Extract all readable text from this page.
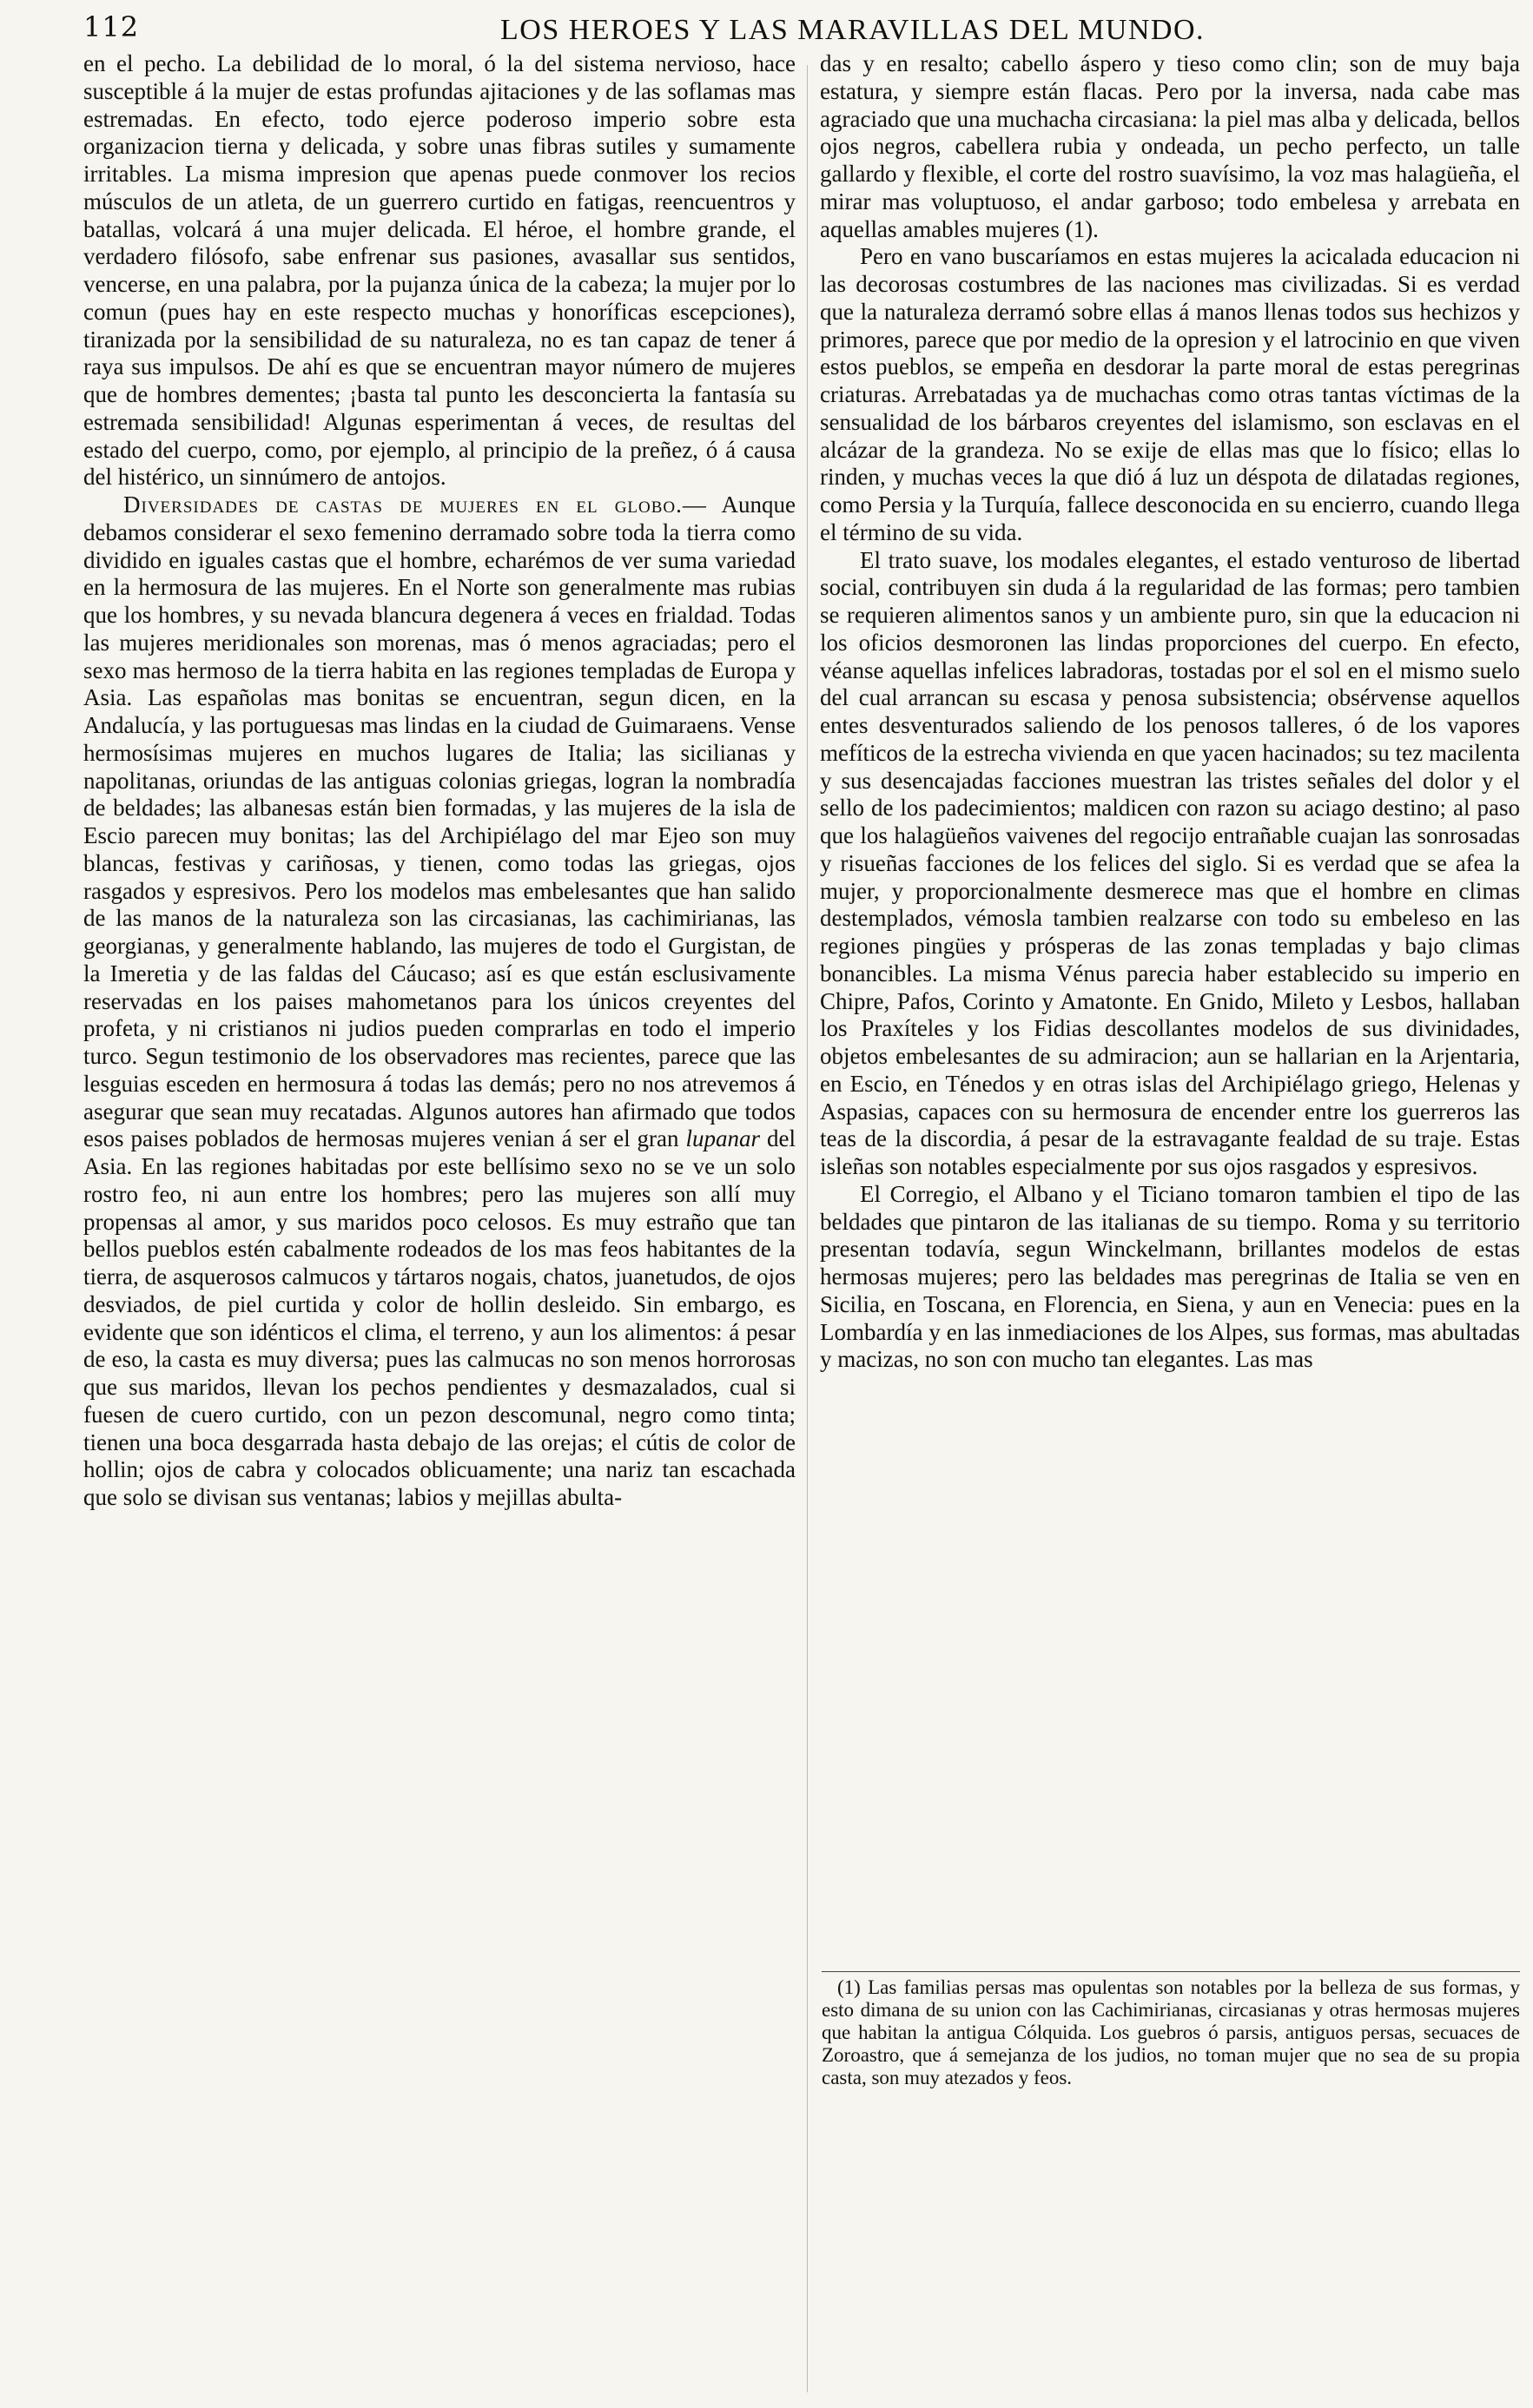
112	LOS HEROES Y LAS MARAVILLAS DEL MUNDO.

en el pecho. La debilidad de lo moral, ó la del sistema nervioso, hace susceptible á la mujer de estas profundas ajitaciones y de las soflamas mas estremadas. En efecto, todo ejerce poderoso imperio sobre esta organizacion tierna y delicada, y sobre unas fibras sutiles y sumamente irritables. La misma impresion que apenas puede conmover los recios músculos de un atleta, de un guerrero curtido en fatigas, reencuentros y batallas, volcará á una mujer delicada. El héroe, el hombre grande, el verdadero filósofo, sabe enfrenar sus pasiones, avasallar sus sentidos, vencerse, en una palabra, por la pujanza única de la cabeza; la mujer por lo comun (pues hay en este respecto muchas y honoríficas escepciones), tiranizada por la sensibilidad de su naturaleza, no es tan capaz de tener á raya sus impulsos. De ahí es que se encuentran mayor número de mujeres que de hombres dementes; ¡basta tal punto les desconcierta la fantasía su estremada sensibilidad! Algunas esperimentan á veces, de resultas del estado del cuerpo, como, por ejemplo, al principio de la preñez, ó á causa del histérico, un sinnúmero de antojos.

Diversidades de castas de mujeres en el globo.— Aunque debamos considerar el sexo femenino derramado sobre toda la tierra como dividido en iguales castas que el hombre, echarémos de ver suma variedad en la hermosura de las mujeres. En el Norte son generalmente mas rubias que los hombres, y su nevada blancura degenera á veces en frialdad. Todas las mujeres meridionales son morenas, mas ó menos agraciadas; pero el sexo mas hermoso de la tierra habita en las regiones templadas de Europa y Asia. Las españolas mas bonitas se encuentran, segun dicen, en la Andalucía, y las portuguesas mas lindas en la ciudad de Guimaraens. Vense hermosísimas mujeres en muchos lugares de Italia; las sicilianas y napolitanas, oriundas de las antiguas colonias griegas, logran la nombradía de beldades; las albanesas están bien formadas, y las mujeres de la isla de Escio parecen muy bonitas; las del Archipiélago del mar Ejeo son muy blancas, festivas y cariñosas, y tienen, como todas las griegas, ojos rasgados y espresivos. Pero los modelos mas embelesantes que han salido de las manos de la naturaleza son las circasianas, las cachimirianas, las georgianas, y generalmente hablando, las mujeres de todo el Gurgistan, de la Imeretia y de las faldas del Cáucaso; así es que están esclusivamente reservadas en los paises mahometanos para los únicos creyentes del profeta, y ni cristianos ni judios pueden comprarlas en todo el imperio turco. Segun testimonio de los observadores mas recientes, parece que las lesguias esceden en hermosura á todas las demás; pero no nos atrevemos á asegurar que sean muy recatadas. Algunos autores han afirmado que todos esos paises poblados de hermosas mujeres venian á ser el gran lupanar del Asia. En las regiones habitadas por este bellísimo sexo no se ve un solo rostro feo, ni aun entre los hombres; pero las mujeres son allí muy propensas al amor, y sus maridos poco celosos. Es muy estraño que tan bellos pueblos estén cabalmente rodeados de los mas feos habitantes de la tierra, de asquerosos calmucos y tártaros nogais, chatos, juanetudos, de ojos desviados, de piel curtida y color de hollin desleido. Sin embargo, es evidente que son idénticos el clima, el terreno, y aun los alimentos: á pesar de eso, la casta es muy diversa; pues las calmucas no son menos horrorosas que sus maridos, llevan los pechos pendientes y desmazalados, cual si fuesen de cuero curtido, con un pezon descomunal, negro como tinta; tienen una boca desgarrada hasta debajo de las orejas; el cútis de color de hollin; ojos de cabra y colocados oblicuamente; una nariz tan escachada que solo se divisan sus ventanas; labios y mejillas abulta-

das y en resalto; cabello áspero y tieso como clin; son de muy baja estatura, y siempre están flacas. Pero por la inversa, nada cabe mas agraciado que una muchacha circasiana: la piel mas alba y delicada, bellos ojos negros, cabellera rubia y ondeada, un pecho perfecto, un talle gallardo y flexible, el corte del rostro suavísimo, la voz mas halagüeña, el mirar mas voluptuoso, el andar garboso; todo embelesa y arrebata en aquellas amables mujeres (1).

Pero en vano buscaríamos en estas mujeres la acicalada educacion ni las decorosas costumbres de las naciones mas civilizadas. Si es verdad que la naturaleza derramó sobre ellas á manos llenas todos sus hechizos y primores, parece que por medio de la opresion y el latrocinio en que viven estos pueblos, se empeña en desdorar la parte moral de estas peregrinas criaturas. Arrebatadas ya de muchachas como otras tantas víctimas de la sensualidad de los bárbaros creyentes del islamismo, son esclavas en el alcázar de la grandeza. No se exije de ellas mas que lo físico; ellas lo rinden, y muchas veces la que dió á luz un déspota de dilatadas regiones, como Persia y la Turquía, fallece desconocida en su encierro, cuando llega el término de su vida.

El trato suave, los modales elegantes, el estado venturoso de libertad social, contribuyen sin duda á la regularidad de las formas; pero tambien se requieren alimentos sanos y un ambiente puro, sin que la educacion ni los oficios desmoronen las lindas proporciones del cuerpo. En efecto, véanse aquellas infelices labradoras, tostadas por el sol en el mismo suelo del cual arrancan su escasa y penosa subsistencia; obsérvense aquellos entes desventurados saliendo de los penosos talleres, ó de los vapores mefíticos de la estrecha vivienda en que yacen hacinados; su tez macilenta y sus desencajadas facciones muestran las tristes señales del dolor y el sello de los padecimientos; maldicen con razon su aciago destino; al paso que los halagüeños vaivenes del regocijo entrañable cuajan las sonrosadas y risueñas facciones de los felices del siglo. Si es verdad que se afea la mujer, y proporcionalmente desmerece mas que el hombre en climas destemplados, vémosla tambien realzarse con todo su embeleso en las regiones pingües y prósperas de las zonas templadas y bajo climas bonancibles. La misma Vénus parecia haber establecido su imperio en Chipre, Pafos, Corinto y Amatonte. En Gnido, Mileto y Lesbos, hallaban los Praxíteles y los Fidias descollantes modelos de sus divinidades, objetos embelesantes de su admiracion; aun se hallarian en la Arjentaria, en Escio, en Ténedos y en otras islas del Archipiélago griego, Helenas y Aspasias, capaces con su hermosura de encender entre los guerreros las teas de la discordia, á pesar de la estravagante fealdad de su traje. Estas isleñas son notables especialmente por sus ojos rasgados y espresivos.

El Corregio, el Albano y el Ticiano tomaron tambien el tipo de las beldades que pintaron de las italianas de su tiempo. Roma y su territorio presentan todavía, segun Winckelmann, brillantes modelos de estas hermosas mujeres; pero las beldades mas peregrinas de Italia se ven en Sicilia, en Toscana, en Florencia, en Siena, y aun en Venecia: pues en la Lombardía y en las inmediaciones de los Alpes, sus formas, mas abultadas y macizas, no son con mucho tan elegantes. Las mas

(1) Las familias persas mas opulentas son notables por la belleza de sus formas, y esto dimana de su union con las Cachimirianas, circasianas y otras hermosas mujeres que habitan la antigua Cólquida. Los guebros ó parsis, antiguos persas, secuaces de Zoroastro, que á semejanza de los judios, no toman mujer que no sea de su propia casta, son muy atezados y feos.
